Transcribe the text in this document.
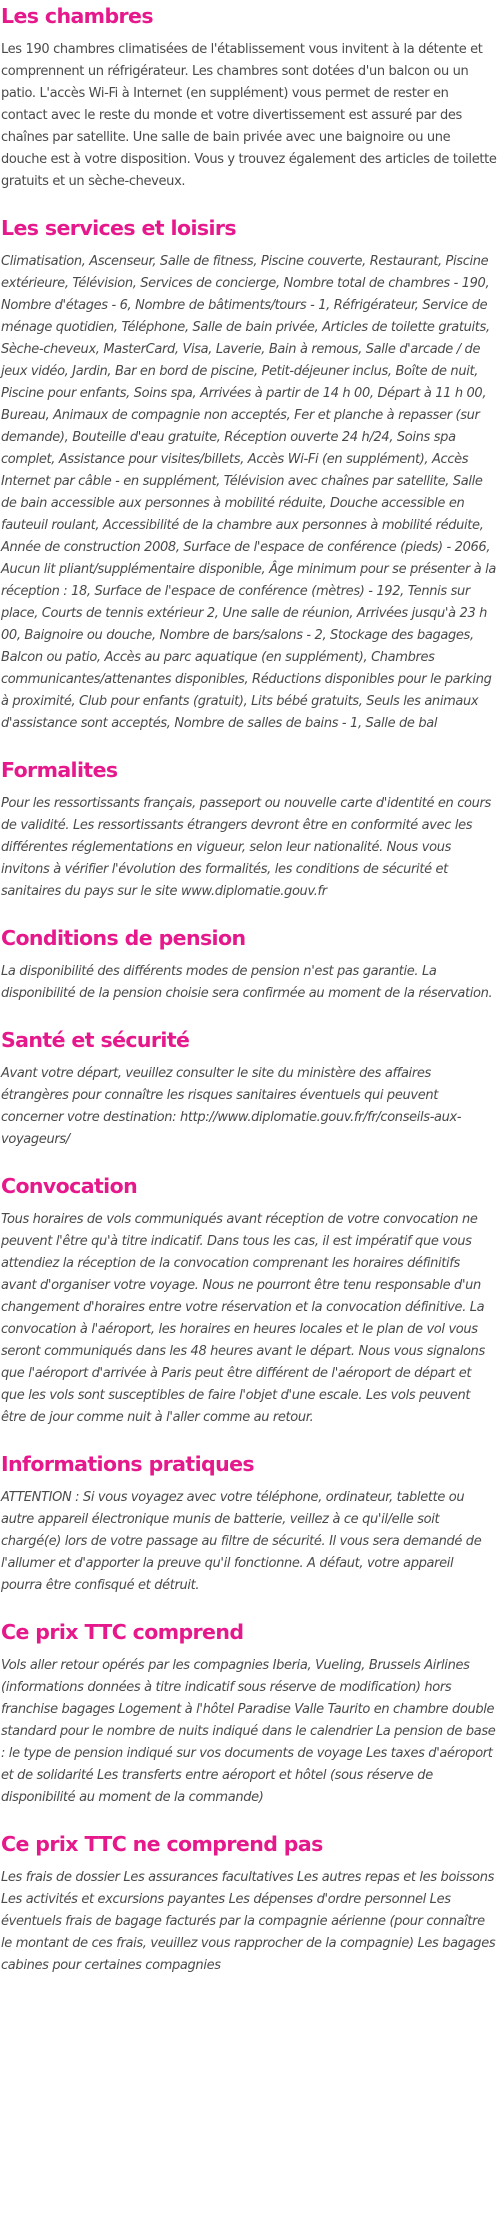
Les chambres

Les 190 chambres climatisées de l'établissement vous invitent à la détente et comprennent un réfrigérateur. Les chambres sont dotées d'un balcon ou un patio. L'accès Wi-Fi à Internet (en supplément) vous permet de rester en contact avec le reste du monde et votre divertissement est assuré par des chaînes par satellite. Une salle de bain privée avec une baignoire ou une douche est à votre disposition. Vous y trouvez également des articles de toilette gratuits et un sèche-cheveux.

Les services et loisirs

Climatisation, Ascenseur, Salle de fitness, Piscine couverte, Restaurant, Piscine extérieure, Télévision, Services de concierge, Nombre total de chambres - 190, Nombre d'étages - 6, Nombre de bâtiments/tours - 1, Réfrigérateur, Service de ménage quotidien, Téléphone, Salle de bain privée, Articles de toilette gratuits, Sèche-cheveux, MasterCard, Visa, Laverie, Bain à remous, Salle d'arcade / de jeux vidéo, Jardin, Bar en bord de piscine, Petit-déjeuner inclus, Boîte de nuit, Piscine pour enfants, Soins spa, Arrivées à partir de 14 h 00, Départ à 11 h 00, Bureau, Animaux de compagnie non acceptés, Fer et planche à repasser (sur demande), Bouteille d'eau gratuite, Réception ouverte 24 h/24, Soins spa complet, Assistance pour visites/billets, Accès Wi-Fi (en supplément), Accès Internet par câble - en supplément, Télévision avec chaînes par satellite, Salle de bain accessible aux personnes à mobilité réduite, Douche accessible en fauteuil roulant, Accessibilité de la chambre aux personnes à mobilité réduite, Année de construction 2008, Surface de l'espace de conférence (pieds) - 2066, Aucun lit pliant/supplémentaire disponible, Âge minimum pour se présenter à la réception : 18, Surface de l'espace de conférence (mètres) - 192, Tennis sur place, Courts de tennis extérieur 2, Une salle de réunion, Arrivées jusqu'à 23 h 00, Baignoire ou douche, Nombre de bars/salons - 2, Stockage des bagages, Balcon ou patio, Accès au parc aquatique (en supplément), Chambres communicantes/attenantes disponibles, Réductions disponibles pour le parking à proximité, Club pour enfants (gratuit), Lits bébé gratuits, Seuls les animaux d'assistance sont acceptés, Nombre de salles de bains - 1, Salle de bal

Formalites

Pour les ressortissants français, passeport ou nouvelle carte d'identité en cours de validité. Les ressortissants étrangers devront être en conformité avec les différentes réglementations en vigueur, selon leur nationalité. Nous vous invitons à vérifier l'évolution des formalités, les conditions de sécurité et sanitaires du pays sur le site www.diplomatie.gouv.fr

Conditions de pension

La disponibilité des différents modes de pension n'est pas garantie. La disponibilité de la pension choisie sera confirmée au moment de la réservation.

Santé et sécurité

Avant votre départ, veuillez consulter le site du ministère des affaires étrangères pour connaître les risques sanitaires éventuels qui peuvent concerner votre destination: http://www.diplomatie.gouv.fr/fr/conseils-aux-voyageurs/

Convocation

Tous horaires de vols communiqués avant réception de votre convocation ne peuvent l'être qu'à titre indicatif. Dans tous les cas, il est impératif que vous attendiez la réception de la convocation comprenant les horaires définitifs avant d'organiser votre voyage. Nous ne pourront être tenu responsable d'un changement d'horaires entre votre réservation et la convocation définitive. La convocation à l'aéroport, les horaires en heures locales et le plan de vol vous seront communiqués dans les 48 heures avant le départ. Nous vous signalons que l'aéroport d'arrivée à Paris peut être différent de l'aéroport de départ et que les vols sont susceptibles de faire l'objet d'une escale. Les vols peuvent être de jour comme nuit à l'aller comme au retour.

Informations pratiques

ATTENTION : Si vous voyagez avec votre téléphone, ordinateur, tablette ou autre appareil électronique munis de batterie, veillez à ce qu'il/elle soit chargé(e) lors de votre passage au filtre de sécurité. Il vous sera demandé de l'allumer et d'apporter la preuve qu'il fonctionne. A défaut, votre appareil pourra être confisqué et détruit.

Ce prix TTC comprend

Vols aller retour opérés par les compagnies Iberia, Vueling, Brussels Airlines (informations données à titre indicatif sous réserve de modification) hors franchise bagages Logement à l'hôtel Paradise Valle Taurito en chambre double standard pour le nombre de nuits indiqué dans le calendrier La pension de base : le type de pension indiqué sur vos documents de voyage Les taxes d'aéroport et de solidarité Les transferts entre aéroport et hôtel (sous réserve de disponibilité au moment de la commande)

Ce prix TTC ne comprend pas

Les frais de dossier Les assurances facultatives Les autres repas et les boissons Les activités et excursions payantes Les dépenses d'ordre personnel Les éventuels frais de bagage facturés par la compagnie aérienne (pour connaître le montant de ces frais, veuillez vous rapprocher de la compagnie) Les bagages cabines pour certaines compagnies
